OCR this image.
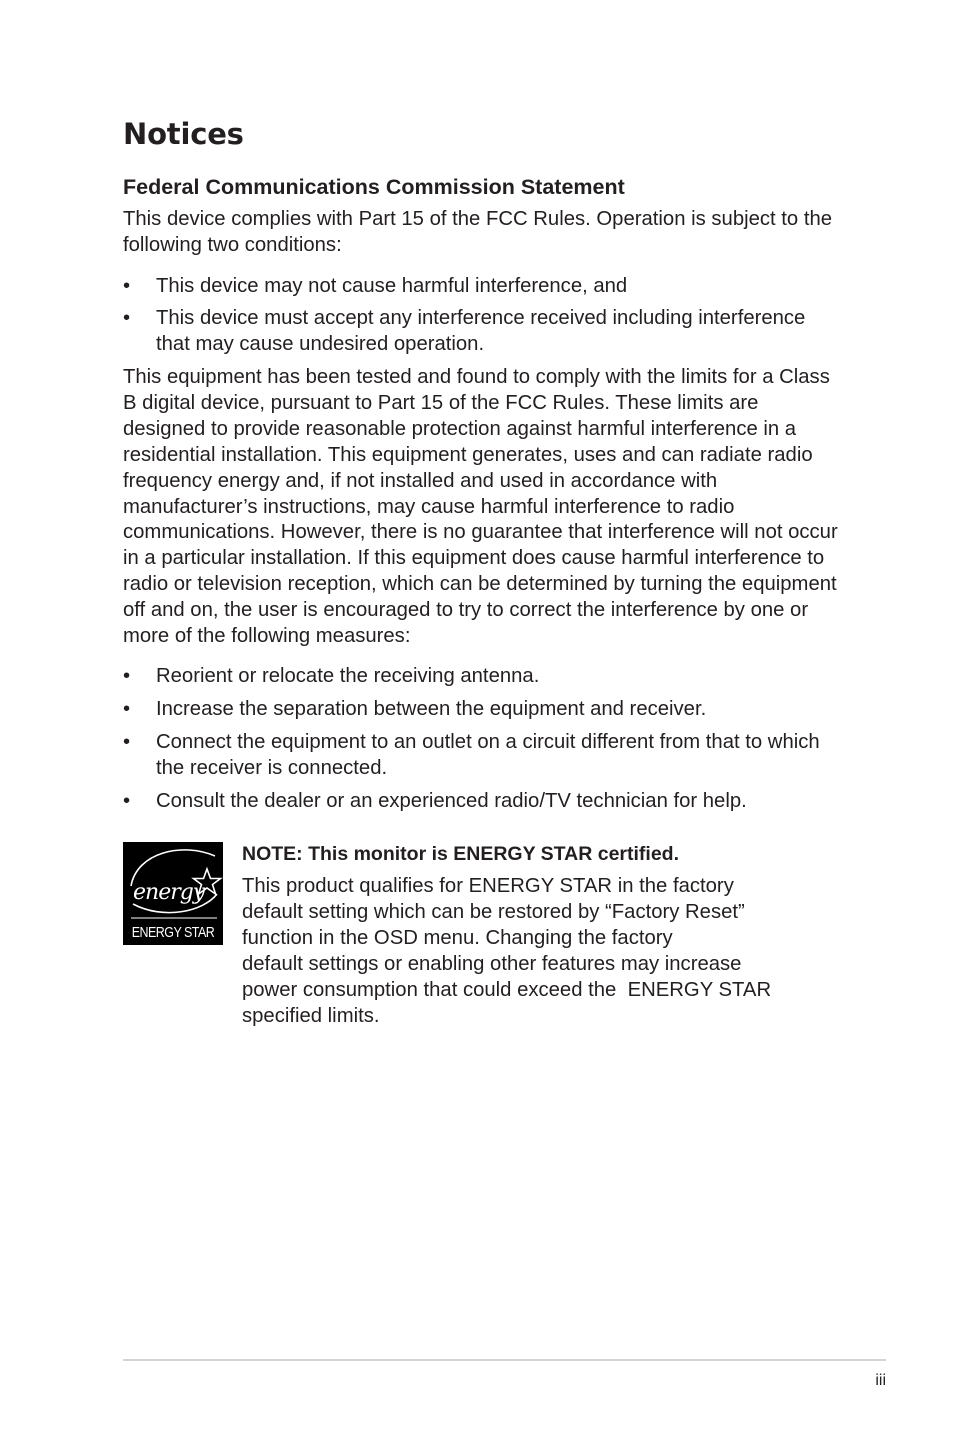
Notices
Federal Communications Commission Statement

This device complies with Part 15 of the FCC Rules. Operation is subject to the following two conditions:

• This device may not cause harmful interference, and
• This device must accept any interference received including interference that may cause undesired operation.

This equipment has been tested and found to comply with the limits for a Class B digital device, pursuant to Part 15 of the FCC Rules. These limits are designed to provide reasonable protection against harmful interference in a residential installation. This equipment generates, uses and can radiate radio frequency energy and, if not installed and used in accordance with manufacturer’s instructions, may cause harmful interference to radio communications. However, there is no guarantee that interference will not occur in a particular installation. If this equipment does cause harmful interference to radio or television reception, which can be determined by turning the equipment off and on, the user is encouraged to try to correct the interference by one or more of the following measures:

• Reorient or relocate the receiving antenna.
• Increase the separation between the equipment and receiver.
• Connect the equipment to an outlet on a circuit different from that to which the receiver is connected.
• Consult the dealer or an experienced radio/TV technician for help.
energy
ENERGY STAR

NOTE: This monitor is ENERGY STAR certified.

This product qualifies for ENERGY STAR in the factory
default setting which can be restored by “Factory Reset”
function in the OSD menu. Changing the factory
default settings or enabling other features may increase
power consumption that could exceed the  ENERGY STAR
specified limits.

iii
